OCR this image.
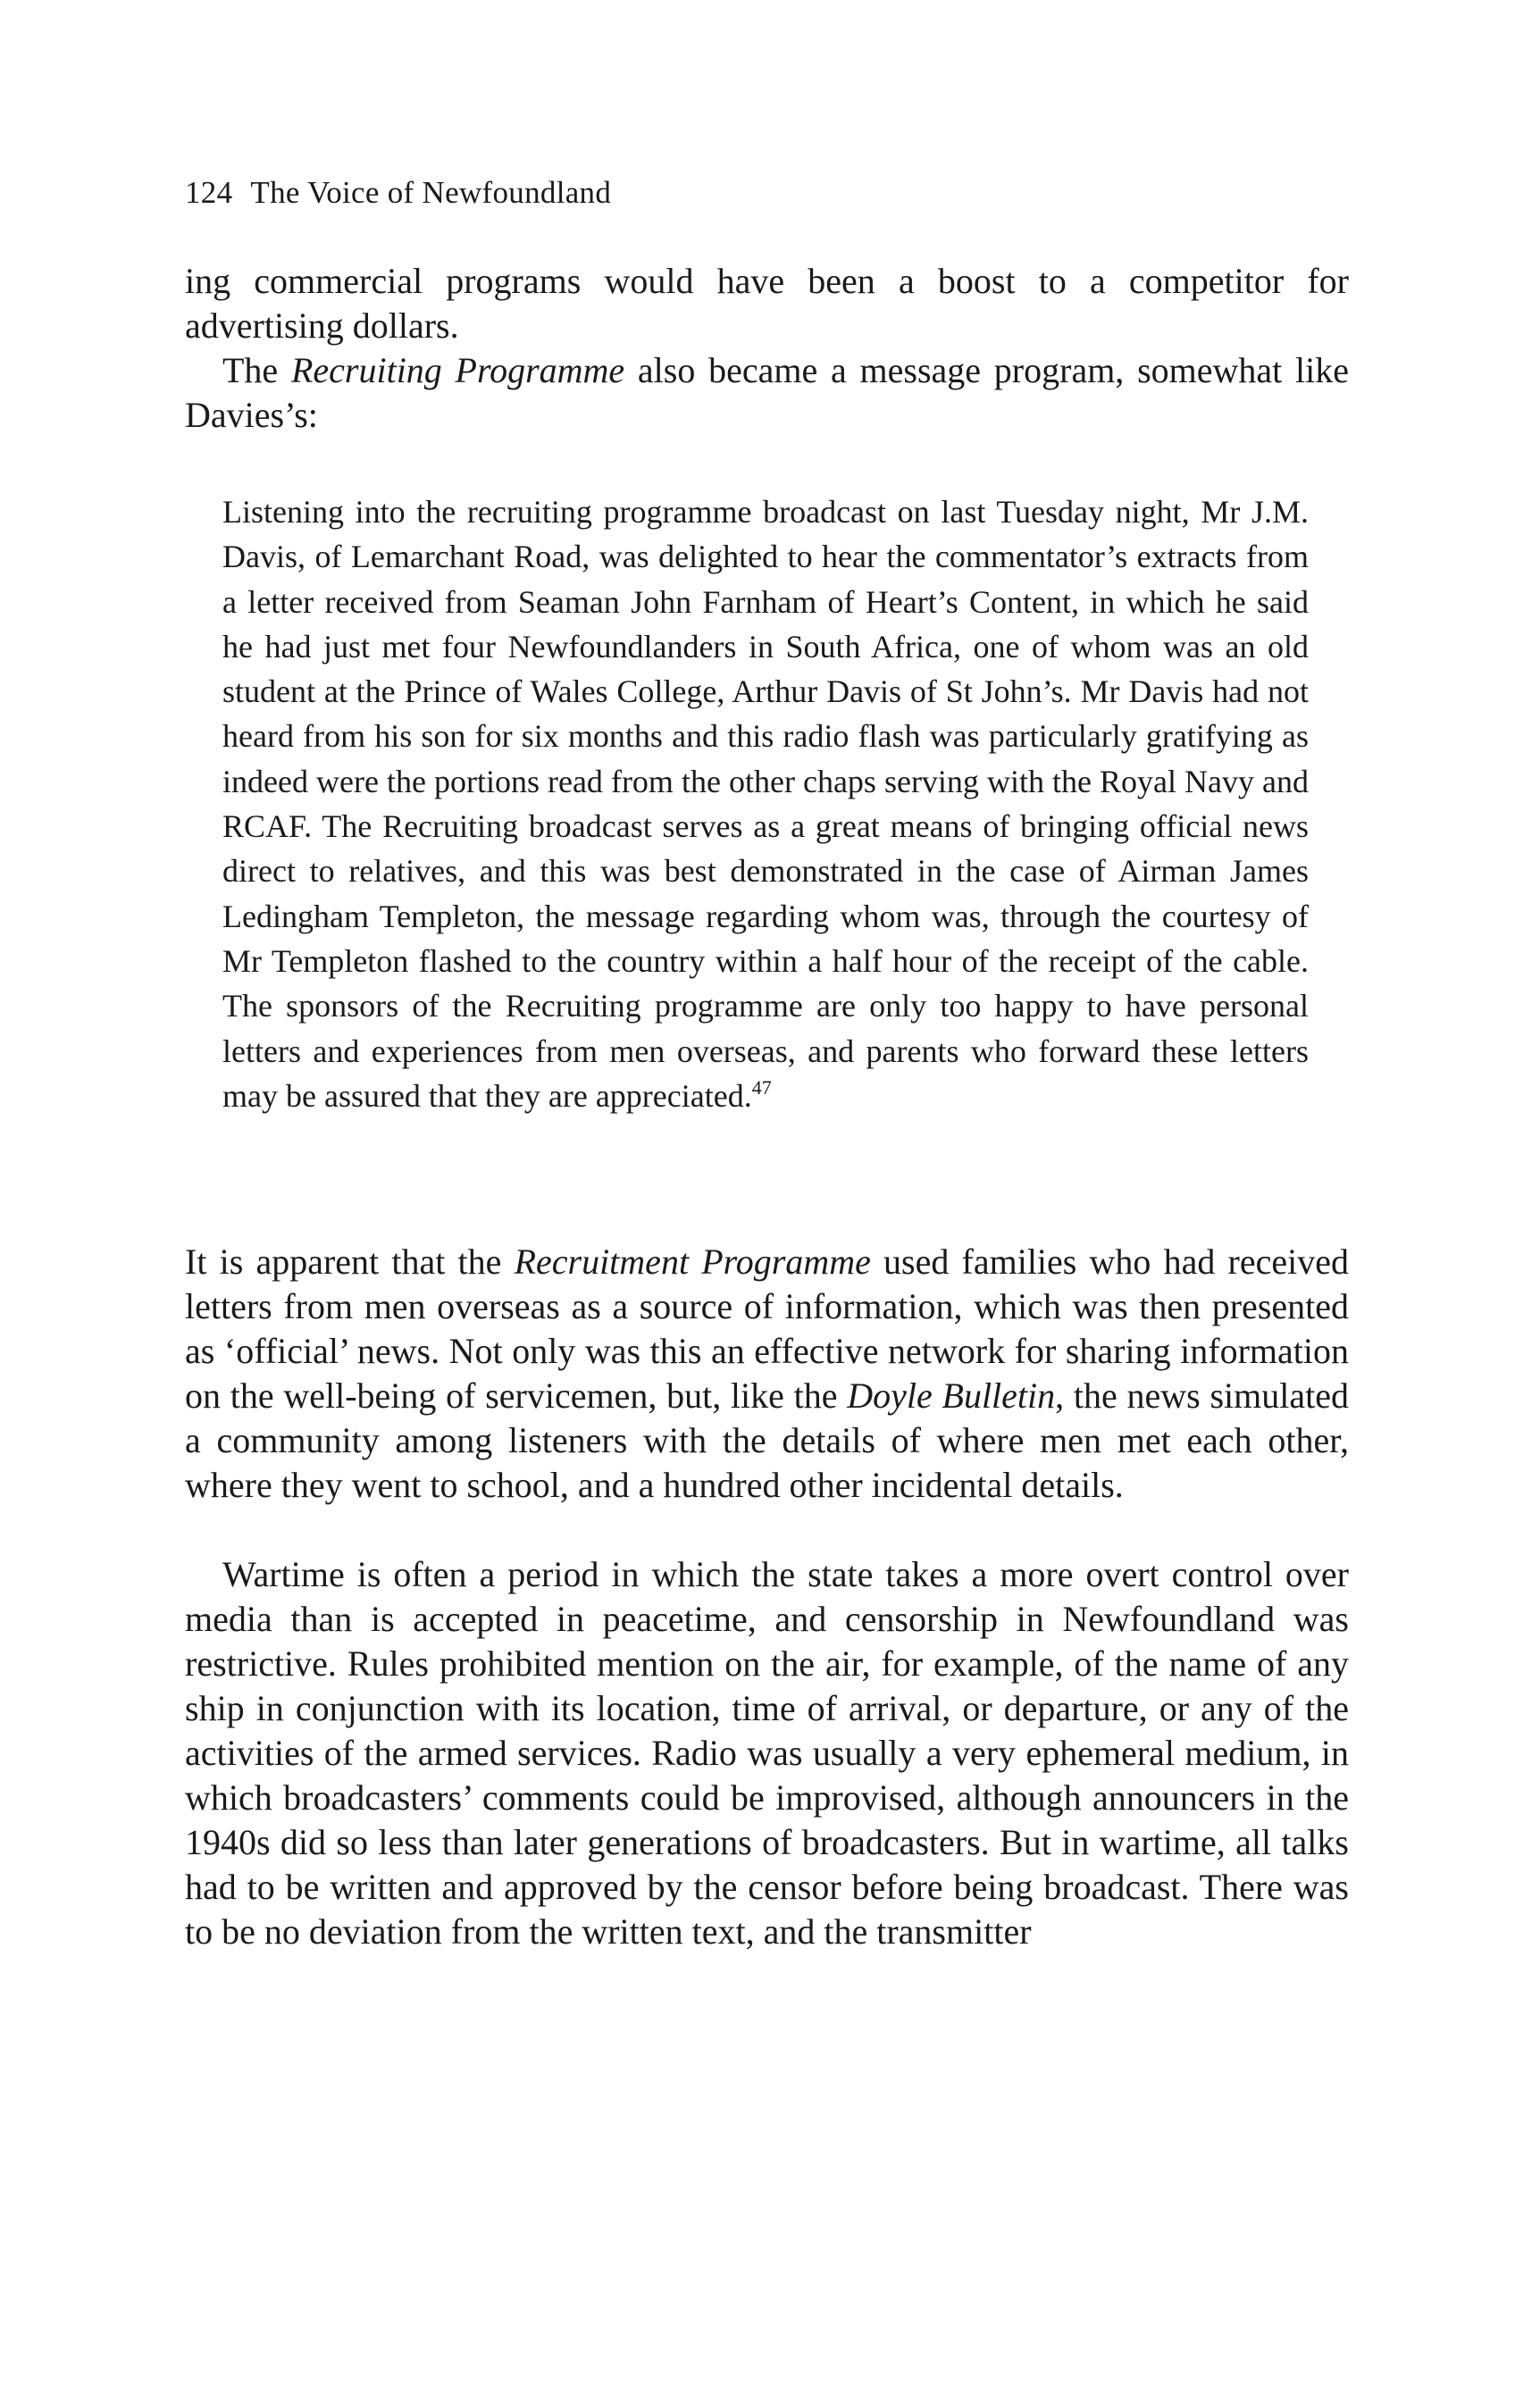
124 The Voice of Newfoundland

ing commercial programs would have been a boost to a competitor for advertising dollars.

The Recruiting Programme also became a message program, somewhat like Davies’s:

Listening into the recruiting programme broadcast on last Tuesday night, Mr J.M. Davis, of Lemarchant Road, was delighted to hear the commentator’s extracts from a letter received from Seaman John Farnham of Heart’s Content, in which he said he had just met four Newfoundlanders in South Africa, one of whom was an old student at the Prince of Wales College, Arthur Davis of St John’s. Mr Davis had not heard from his son for six months and this radio flash was particularly gratifying as indeed were the portions read from the other chaps serving with the Royal Navy and RCAF. The Recruiting broadcast serves as a great means of bringing official news direct to relatives, and this was best demonstrated in the case of Airman James Ledingham Templeton, the message regarding whom was, through the courtesy of Mr Templeton flashed to the country within a half hour of the receipt of the cable. The sponsors of the Recruiting programme are only too happy to have personal letters and experiences from men overseas, and parents who forward these letters may be assured that they are appreciated.$^{47}$

It is apparent that the Recruitment Programme used families who had received letters from men overseas as a source of information, which was then presented as ‘official’ news. Not only was this an effective network for sharing information on the well-being of servicemen, but, like the Doyle Bulletin, the news simulated a community among listeners with the details of where men met each other, where they went to school, and a hundred other incidental details.

Wartime is often a period in which the state takes a more overt control over media than is accepted in peacetime, and censorship in Newfoundland was restrictive. Rules prohibited mention on the air, for example, of the name of any ship in conjunction with its location, time of arrival, or departure, or any of the activities of the armed services. Radio was usually a very ephemeral medium, in which broadcasters’ comments could be improvised, although announcers in the 1940s did so less than later generations of broadcasters. But in wartime, all talks had to be written and approved by the censor before being broadcast. There was to be no deviation from the written text, and the transmitter
